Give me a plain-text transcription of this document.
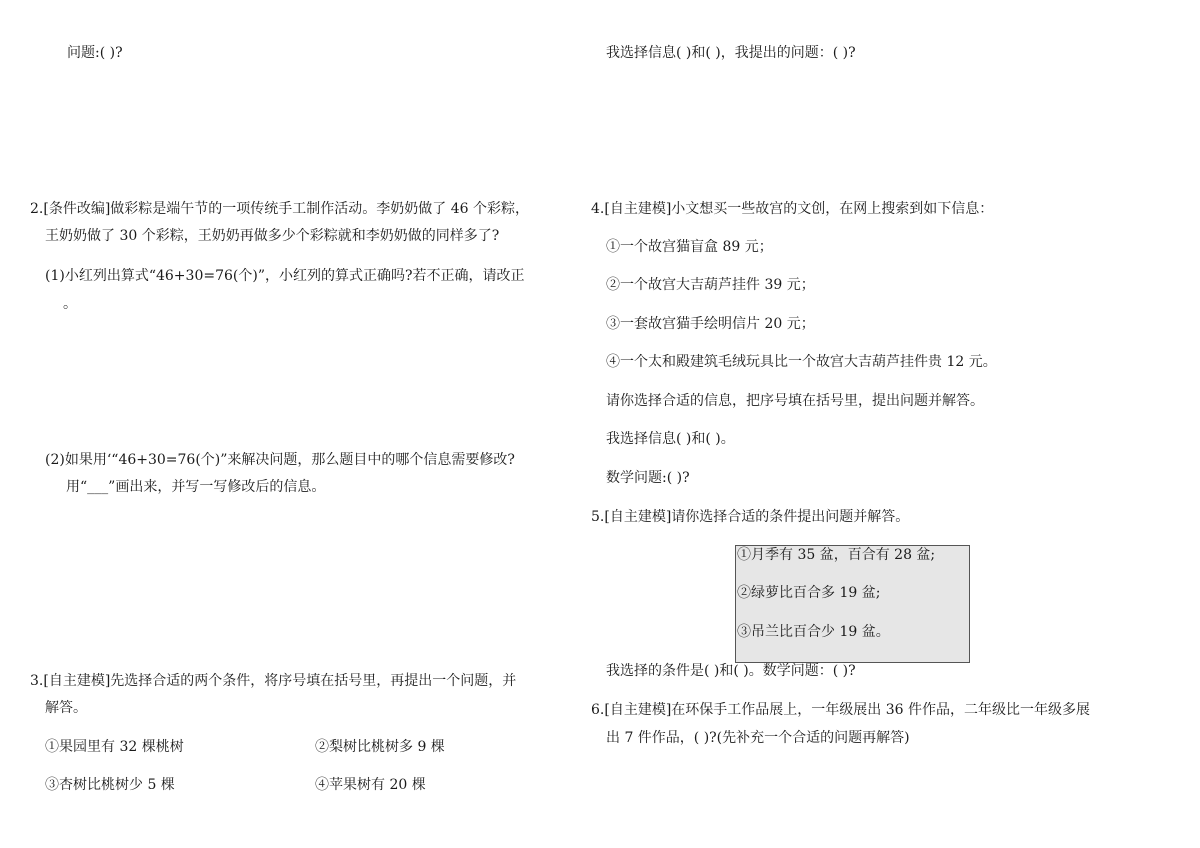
问题:( )?
2.[条件改编]做彩粽是端午节的一项传统手工制作活动。李奶奶做了 46 个彩粽，
王奶奶做了 30 个彩粽，王奶奶再做多少个彩粽就和李奶奶做的同样多了?
(1)小红列出算式“46+30=76(个)”，小红列的算式正确吗?若不正确，请改正
。
(2)如果用‘“46+30=76(个)”来解决问题，那么题目中的哪个信息需要修改?
用“___”画出来，并写一写修改后的信息。
3.[自主建模]先选择合适的两个条件，将序号填在括号里，再提出一个问题，并
解答。
①果园里有 32 棵桃树	②梨树比桃树多 9 棵
③杏树比桃树少 5 棵	④苹果树有 20 棵
我选择信息( )和( )，我提出的问题：( )?
4.[自主建模]小文想买一些故宫的文创，在网上搜索到如下信息：
①一个故宫猫盲盒 89 元；
②一个故宫大吉葫芦挂件 39 元；
③一套故宫猫手绘明信片 20 元；
④一个太和殿建筑毛绒玩具比一个故宫大吉葫芦挂件贵 12 元。
请你选择合适的信息，把序号填在括号里，提出问题并解答。
我选择信息( )和( )。
数学问题:( )?
5.[自主建模]请你选择合适的条件提出问题并解答。
①月季有 35 盆，百合有 28 盆;
②绿萝比百合多 19 盆;
③吊兰比百合少 19 盆。
我选择的条件是( )和( )。数学问题：( )?
6.[自主建模]在环保手工作品展上，一年级展出 36 件作品，二年级比一年级多展
出 7 件作品，( )?(先补充一个合适的问题再解答)
